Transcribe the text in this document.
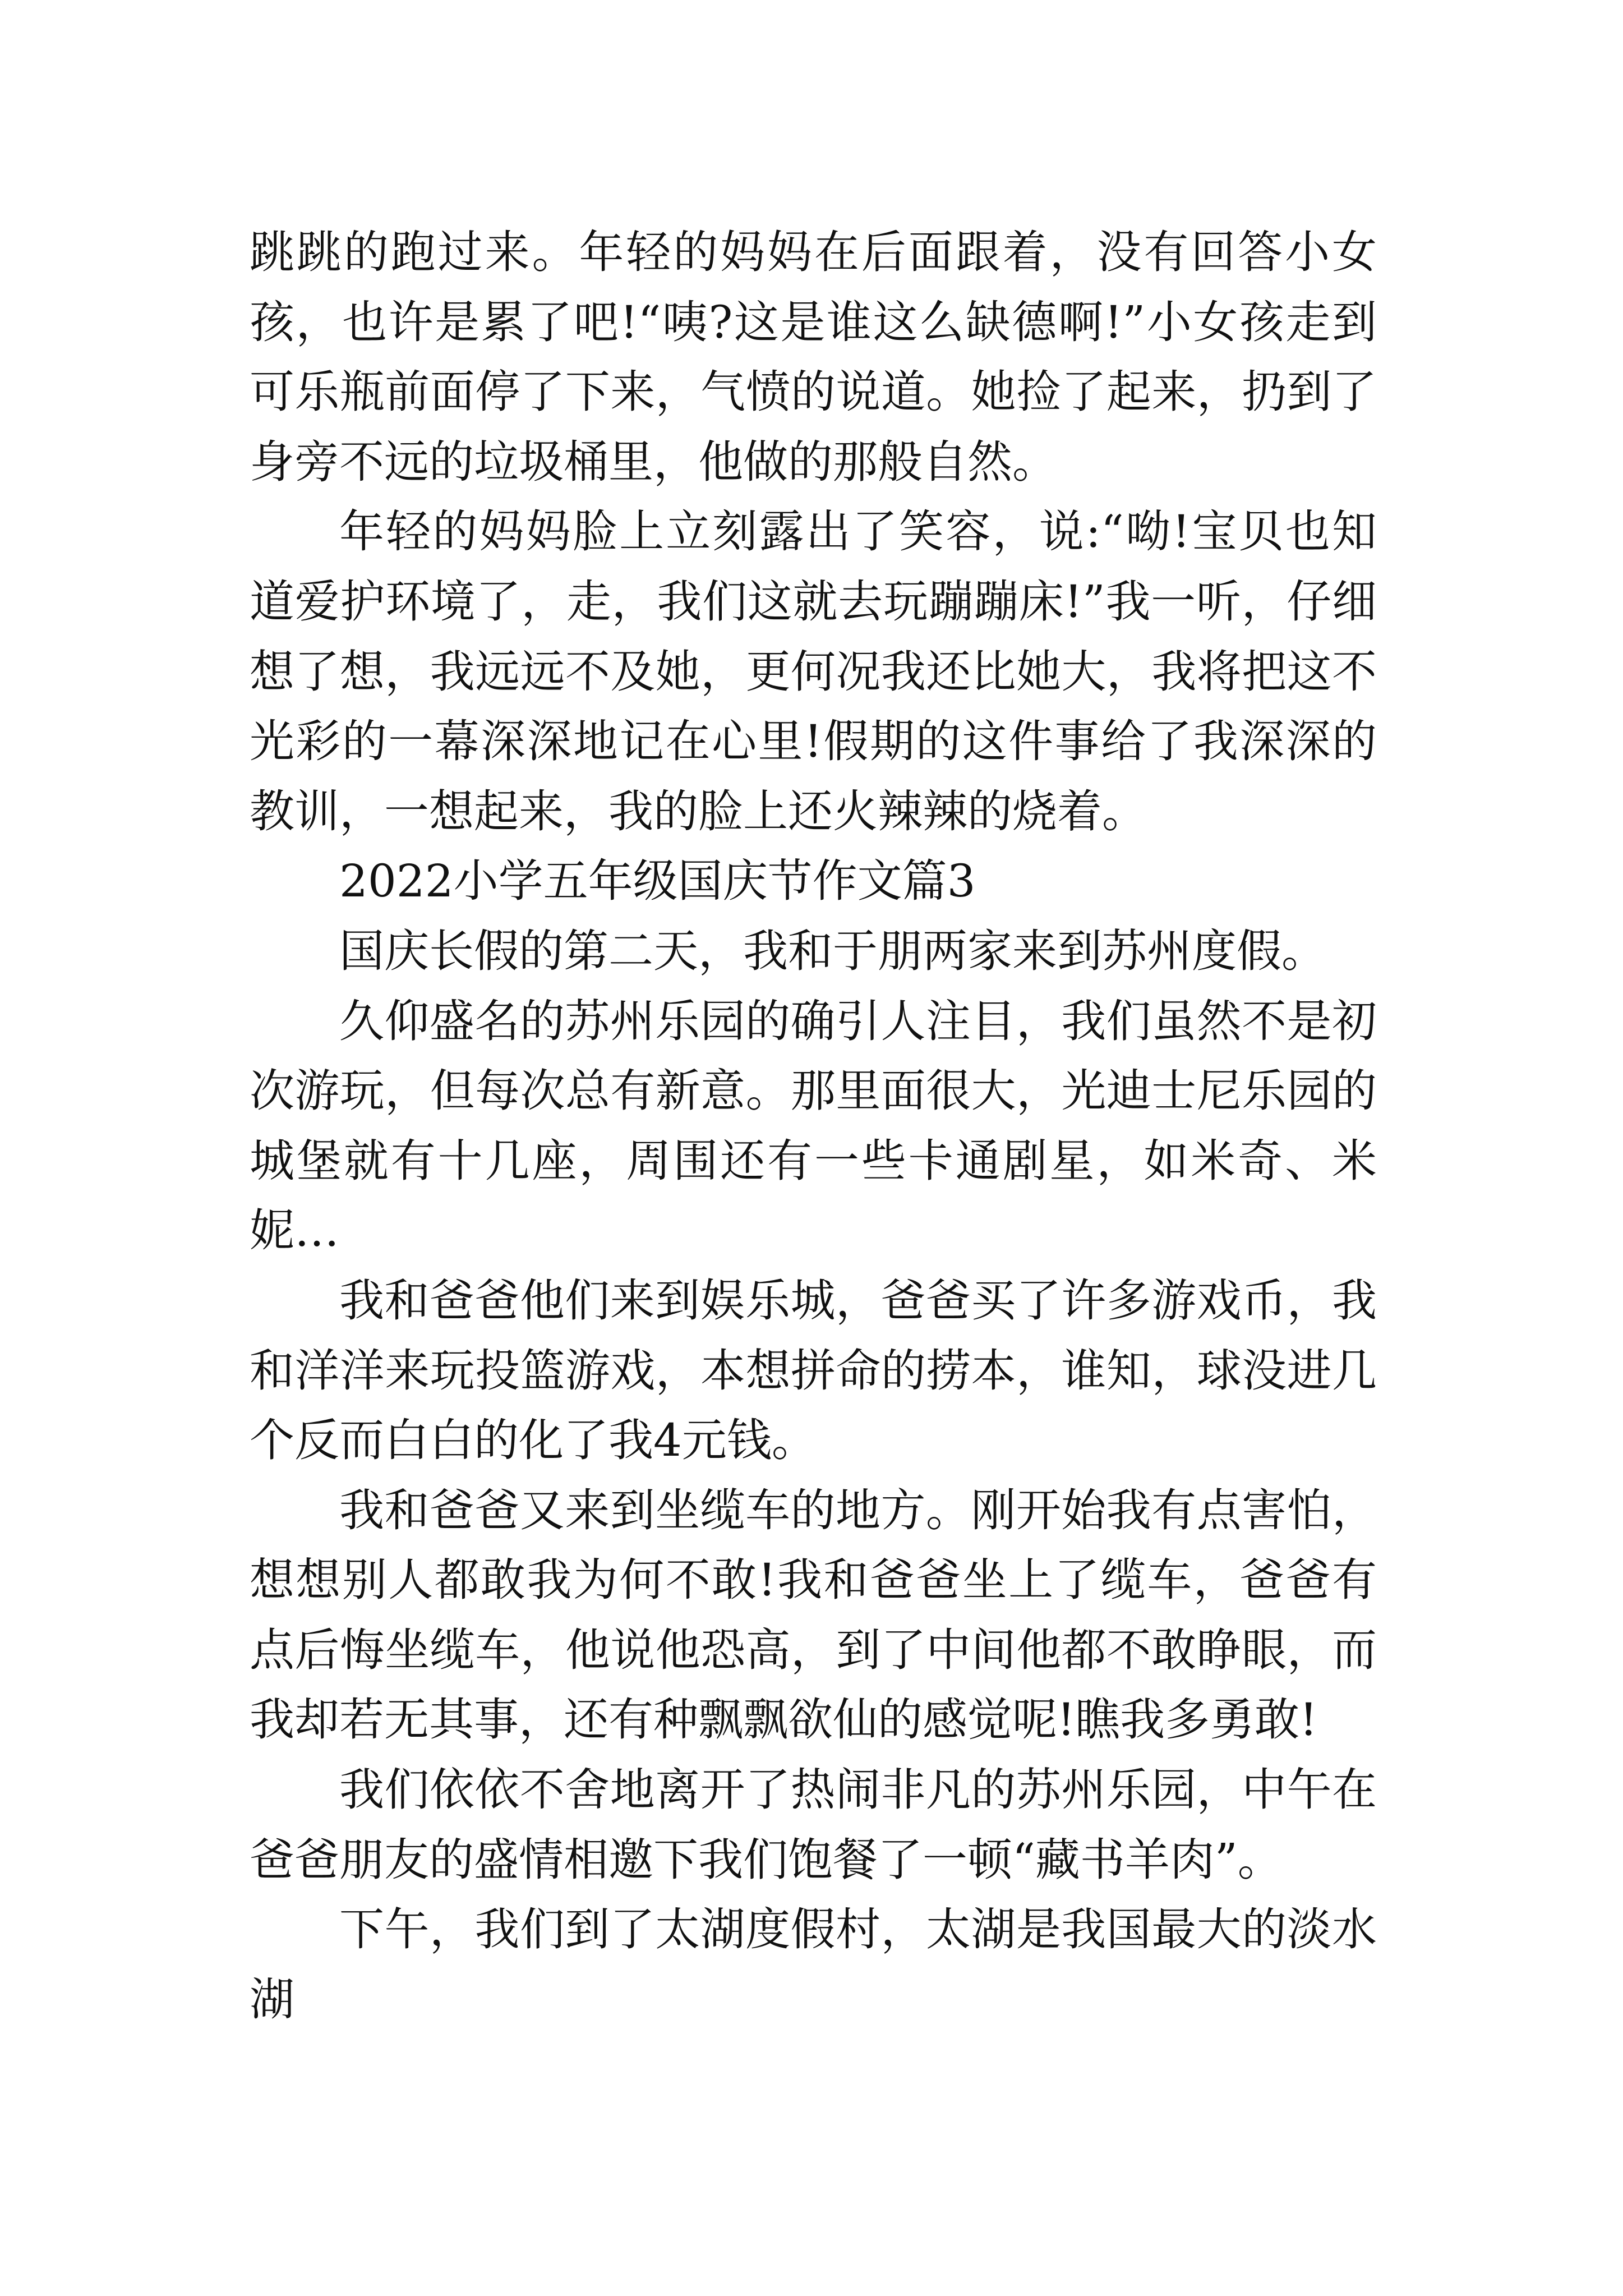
跳跳的跑过来。年轻的妈妈在后面跟着，没有回答小女孩，也许是累了吧!“咦?这是谁这么缺德啊!”小女孩走到可乐瓶前面停了下来，气愤的说道。她捡了起来，扔到了身旁不远的垃圾桶里，他做的那般自然。

年轻的妈妈脸上立刻露出了笑容，说:“呦!宝贝也知道爱护环境了，走，我们这就去玩蹦蹦床!”我一听，仔细想了想，我远远不及她，更何况我还比她大，我将把这不光彩的一幕深深地记在心里!假期的这件事给了我深深的教训，一想起来，我的脸上还火辣辣的烧着。

2022小学五年级国庆节作文篇3

国庆长假的第二天，我和于朋两家来到苏州度假。

久仰盛名的苏州乐园的确引人注目，我们虽然不是初次游玩，但每次总有新意。那里面很大，光迪士尼乐园的城堡就有十几座，周围还有一些卡通剧星，如米奇、米妮…

我和爸爸他们来到娱乐城，爸爸买了许多游戏币，我和洋洋来玩投篮游戏，本想拼命的捞本，谁知，球没进几个反而白白的化了我4元钱。

我和爸爸又来到坐缆车的地方。刚开始我有点害怕，想想别人都敢我为何不敢!我和爸爸坐上了缆车，爸爸有点后悔坐缆车，他说他恐高，到了中间他都不敢睁眼，而我却若无其事，还有种飘飘欲仙的感觉呢!瞧我多勇敢!

我们依依不舍地离开了热闹非凡的苏州乐园，中午在爸爸朋友的盛情相邀下我们饱餐了一顿“藏书羊肉”。

下午，我们到了太湖度假村，太湖是我国最大的淡水湖
